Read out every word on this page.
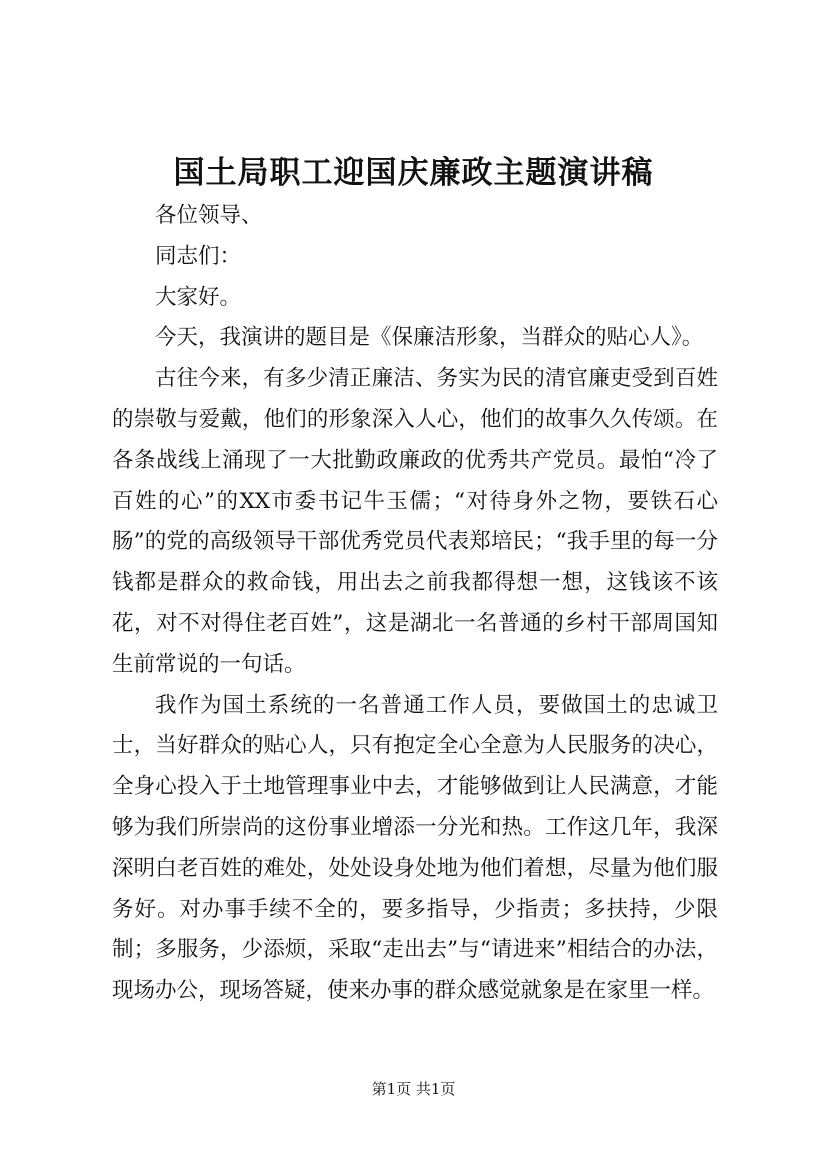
国土局职工迎国庆廉政主题演讲稿

各位领导、

同志们：

大家好。

今天，我演讲的题目是《保廉洁形象，当群众的贴心人》。

古往今来，有多少清正廉洁、务实为民的清官廉吏受到百姓的崇敬与爱戴，他们的形象深入人心，他们的故事久久传颂。在各条战线上涌现了一大批勤政廉政的优秀共产党员。最怕“冷了百姓的心”的XX市委书记牛玉儒；“对待身外之物，要铁石心肠”的党的高级领导干部优秀党员代表郑培民；“我手里的每一分钱都是群众的救命钱，用出去之前我都得想一想，这钱该不该花，对不对得住老百姓”，这是湖北一名普通的乡村干部周国知生前常说的一句话。

我作为国土系统的一名普通工作人员，要做国土的忠诚卫士，当好群众的贴心人，只有抱定全心全意为人民服务的决心，全身心投入于土地管理事业中去，才能够做到让人民满意，才能够为我们所崇尚的这份事业增添一分光和热。工作这几年，我深深明白老百姓的难处，处处设身处地为他们着想，尽量为他们服务好。对办事手续不全的，要多指导，少指责；多扶持，少限制；多服务，少添烦，采取“走出去”与“请进来”相结合的办法，现场办公，现场答疑，使来办事的群众感觉就象是在家里一样。

第1页 共1页
